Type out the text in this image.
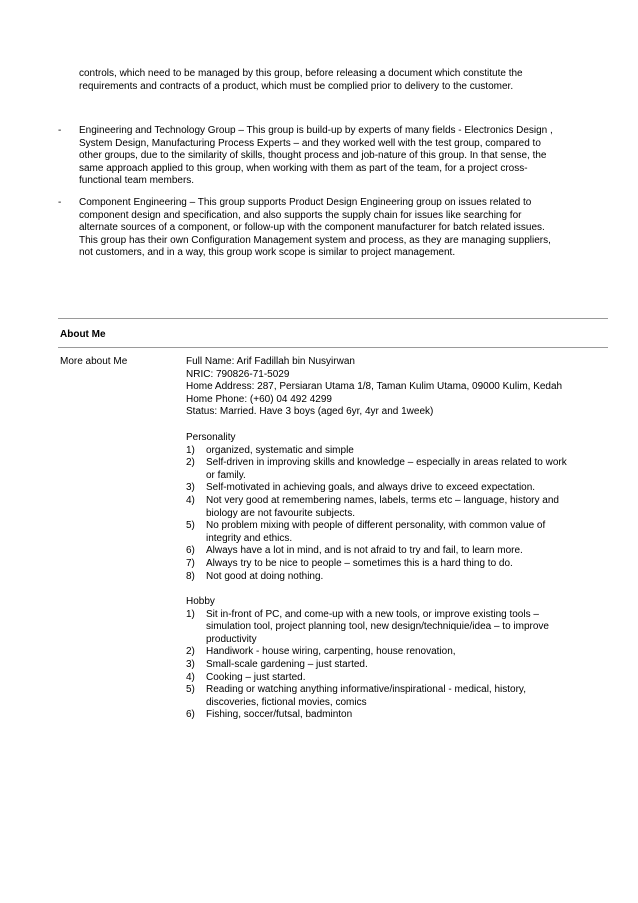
controls, which need to be managed by this group, before releasing a document which constitute the
requirements and contracts of a product, which must be complied prior to delivery to the customer.
- Engineering and Technology Group – This group is build-up by experts of many fields - Electronics Design ,
System Design, Manufacturing Process Experts – and they worked well with the test group, compared to
other groups, due to the similarity of skills, thought process and job-nature of this group. In that sense, the
same approach applied to this group, when working with them as part of the team, for a project cross-
functional team members.
- Component Engineering – This group supports Product Design Engineering group on issues related to
component design and specification, and also supports the supply chain for issues like searching for
alternate sources of a component, or follow-up with the component manufacturer for batch related issues.
This group has their own Configuration Management system and process, as they are managing suppliers,
not customers, and in a way, this group work scope is similar to project management.
About Me
More about Me	Full Name: Arif Fadillah bin Nusyirwan
NRIC: 790826-71-5029
Home Address: 287, Persiaran Utama 1/8, Taman Kulim Utama, 09000 Kulim, Kedah
Home Phone: (+60) 04 492 4299
Status: Married. Have 3 boys (aged 6yr, 4yr and 1week)
Personality
1) organized, systematic and simple
2) Self-driven in improving skills and knowledge – especially in areas related to work
or family.
3) Self-motivated in achieving goals, and always drive to exceed expectation.
4) Not very good at remembering names, labels, terms etc – language, history and
biology are not favourite subjects.
5) No problem mixing with people of different personality, with common value of
integrity and ethics.
6) Always have a lot in mind, and is not afraid to try and fail, to learn more.
7) Always try to be nice to people – sometimes this is a hard thing to do.
8) Not good at doing nothing.
Hobby
1) Sit in-front of PC, and come-up with a new tools, or improve existing tools –
simulation tool, project planning tool, new design/techniquie/idea – to improve
productivity
2) Handiwork - house wiring, carpenting, house renovation,
3) Small-scale gardening – just started.
4) Cooking – just started.
5) Reading or watching anything informative/inspirational - medical, history,
discoveries, fictional movies, comics
6) Fishing, soccer/futsal, badminton
